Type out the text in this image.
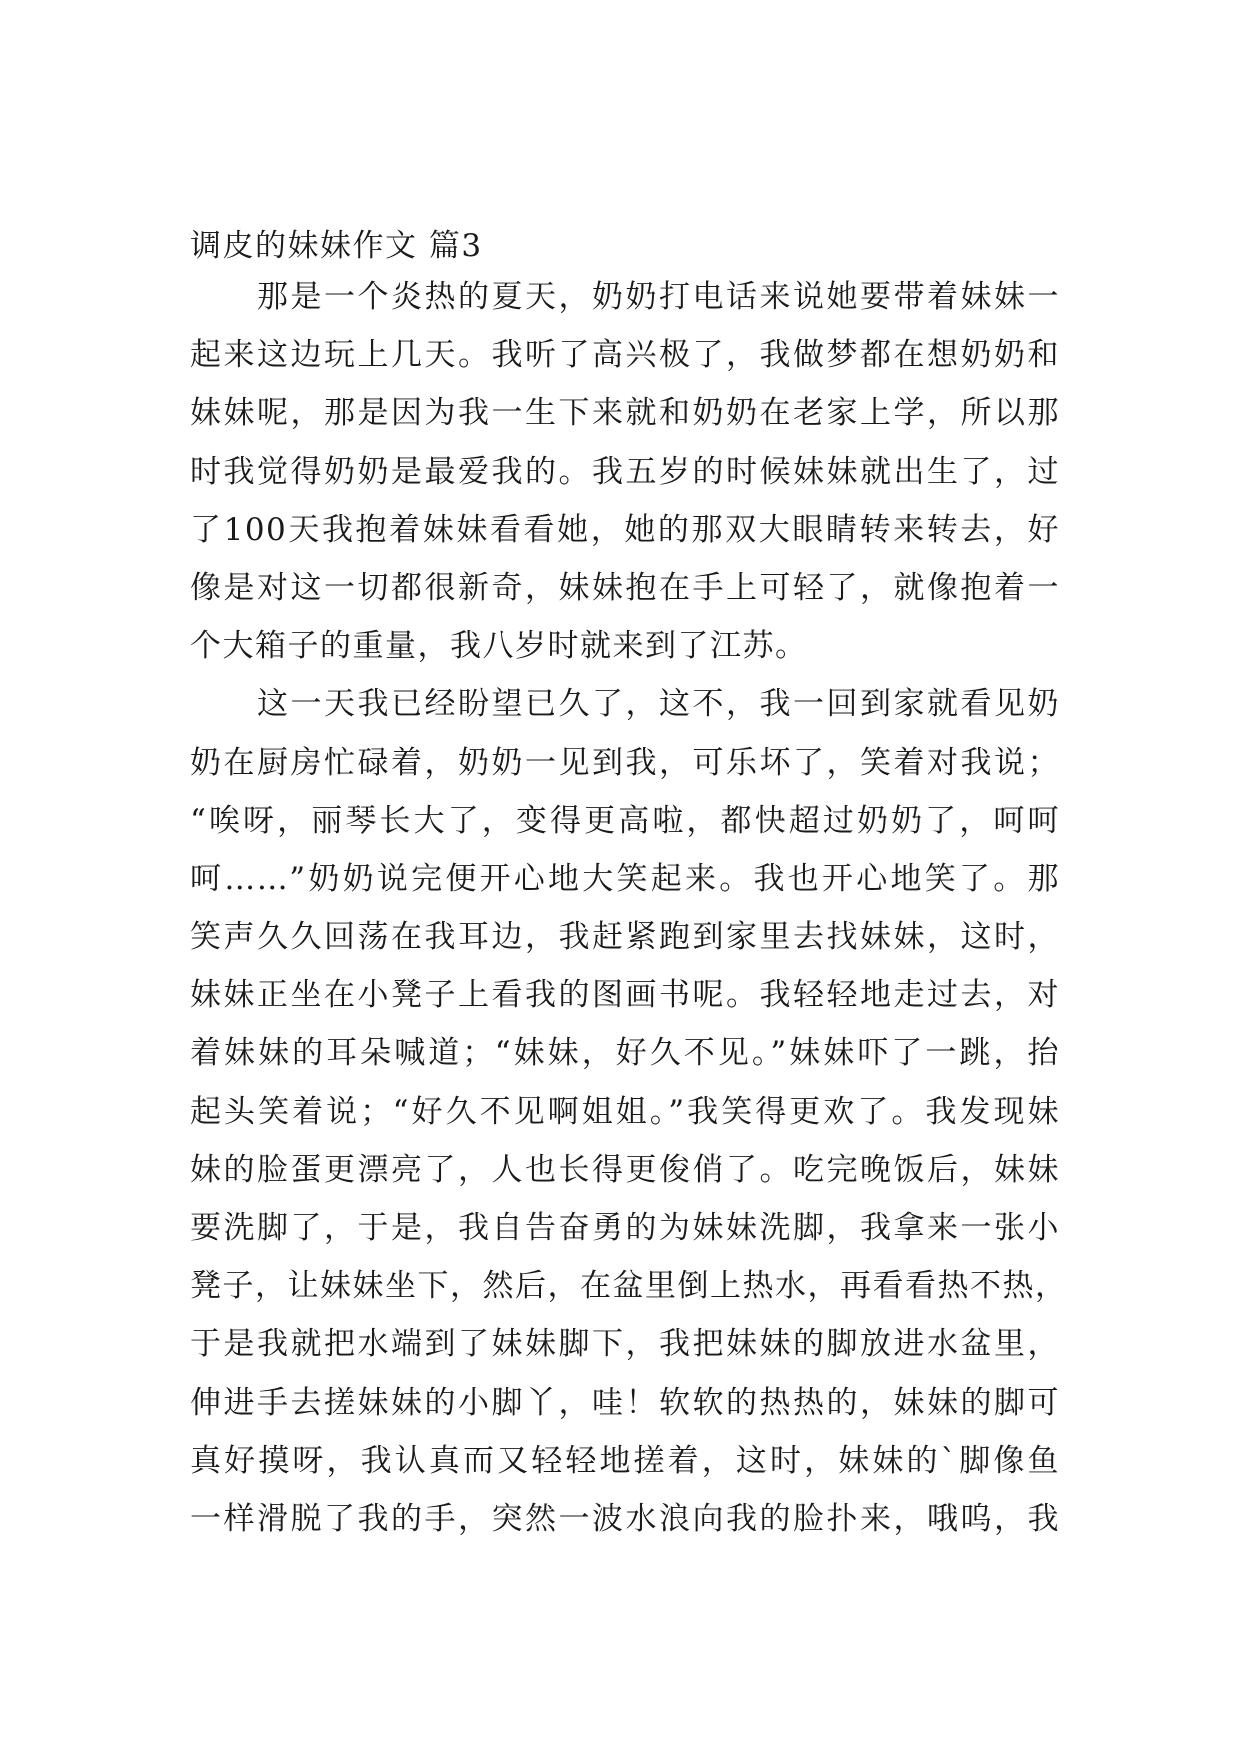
调皮的妹妹作文 篇3

那是一个炎热的夏天，奶奶打电话来说她要带着妹妹一
起来这边玩上几天。我听了高兴极了，我做梦都在想奶奶和
妹妹呢，那是因为我一生下来就和奶奶在老家上学，所以那
时我觉得奶奶是最爱我的。我五岁的时候妹妹就出生了，过
了100天我抱着妹妹看看她，她的那双大眼睛转来转去，好
像是对这一切都很新奇，妹妹抱在手上可轻了，就像抱着一
个大箱子的重量，我八岁时就来到了江苏。

这一天我已经盼望已久了，这不，我一回到家就看见奶
奶在厨房忙碌着，奶奶一见到我，可乐坏了，笑着对我说；
“唉呀，丽琴长大了，变得更高啦，都快超过奶奶了，呵呵
呵……”奶奶说完便开心地大笑起来。我也开心地笑了。那
笑声久久回荡在我耳边，我赶紧跑到家里去找妹妹，这时，
妹妹正坐在小凳子上看我的图画书呢。我轻轻地走过去，对
着妹妹的耳朵喊道；“妹妹，好久不见。”妹妹吓了一跳，抬
起头笑着说；“好久不见啊姐姐。”我笑得更欢了。我发现妹
妹的脸蛋更漂亮了，人也长得更俊俏了。吃完晚饭后，妹妹
要洗脚了，于是，我自告奋勇的为妹妹洗脚，我拿来一张小
凳子，让妹妹坐下，然后，在盆里倒上热水，再看看热不热，
于是我就把水端到了妹妹脚下，我把妹妹的脚放进水盆里，
伸进手去搓妹妹的小脚丫，哇！软软的热热的，妹妹的脚可
真好摸呀，我认真而又轻轻地搓着，这时，妹妹的`脚像鱼
一样滑脱了我的手，突然一波水浪向我的脸扑来，哦呜，我
